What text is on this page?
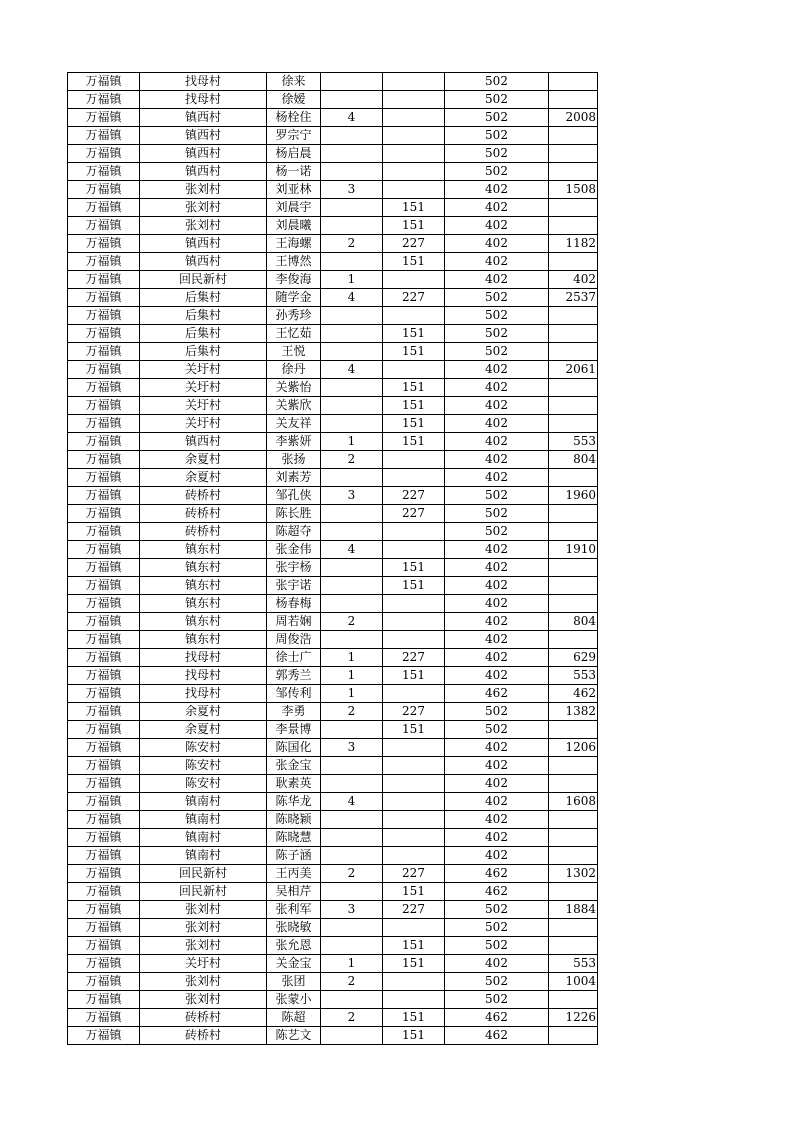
万福镇	找母村	徐来			502	
万福镇	找母村	徐嫒			502	
万福镇	镇西村	杨栓住	4		502	2008
万福镇	镇西村	罗宗宁			502	
万福镇	镇西村	杨启晨			502	
万福镇	镇西村	杨一诺			502	
万福镇	张刘村	刘亚林	3		402	1508
万福镇	张刘村	刘晨宇		151	402	
万福镇	张刘村	刘晨曦		151	402	
万福镇	镇西村	王海螺	2	227	402	1182
万福镇	镇西村	王博然		151	402	
万福镇	回民新村	李俊海	1		402	402
万福镇	后集村	随学金	4	227	502	2537
万福镇	后集村	孙秀珍			502	
万福镇	后集村	王忆茹		151	502	
万福镇	后集村	王悦		151	502	
万福镇	关圩村	徐丹	4		402	2061
万福镇	关圩村	关紫怡		151	402	
万福镇	关圩村	关紫欣		151	402	
万福镇	关圩村	关友祥		151	402	
万福镇	镇西村	李紫妍	1	151	402	553
万福镇	余夏村	张扬	2		402	804
万福镇	余夏村	刘素芳			402	
万福镇	砖桥村	邹孔侠	3	227	502	1960
万福镇	砖桥村	陈长胜		227	502	
万福镇	砖桥村	陈超夺			502	
万福镇	镇东村	张金伟	4		402	1910
万福镇	镇东村	张宇杨		151	402	
万福镇	镇东村	张宇诺		151	402	
万福镇	镇东村	杨春梅			402	
万福镇	镇东村	周若娴	2		402	804
万福镇	镇东村	周俊浩			402	
万福镇	找母村	徐士广	1	227	402	629
万福镇	找母村	郭秀兰	1	151	402	553
万福镇	找母村	邹传利	1		462	462
万福镇	余夏村	李勇	2	227	502	1382
万福镇	余夏村	李景博		151	502	
万福镇	陈安村	陈国化	3		402	1206
万福镇	陈安村	张金宝			402	
万福镇	陈安村	耿素英			402	
万福镇	镇南村	陈华龙	4		402	1608
万福镇	镇南村	陈晓颖			402	
万福镇	镇南村	陈晓慧			402	
万福镇	镇南村	陈子涵			402	
万福镇	回民新村	王丙美	2	227	462	1302
万福镇	回民新村	吴相芹		151	462	
万福镇	张刘村	张利军	3	227	502	1884
万福镇	张刘村	张晓敏			502	
万福镇	张刘村	张允恩		151	502	
万福镇	关圩村	关金宝	1	151	402	553
万福镇	张刘村	张团	2		502	1004
万福镇	张刘村	张蒙小			502	
万福镇	砖桥村	陈超	2	151	462	1226
万福镇	砖桥村	陈艺文		151	462	
